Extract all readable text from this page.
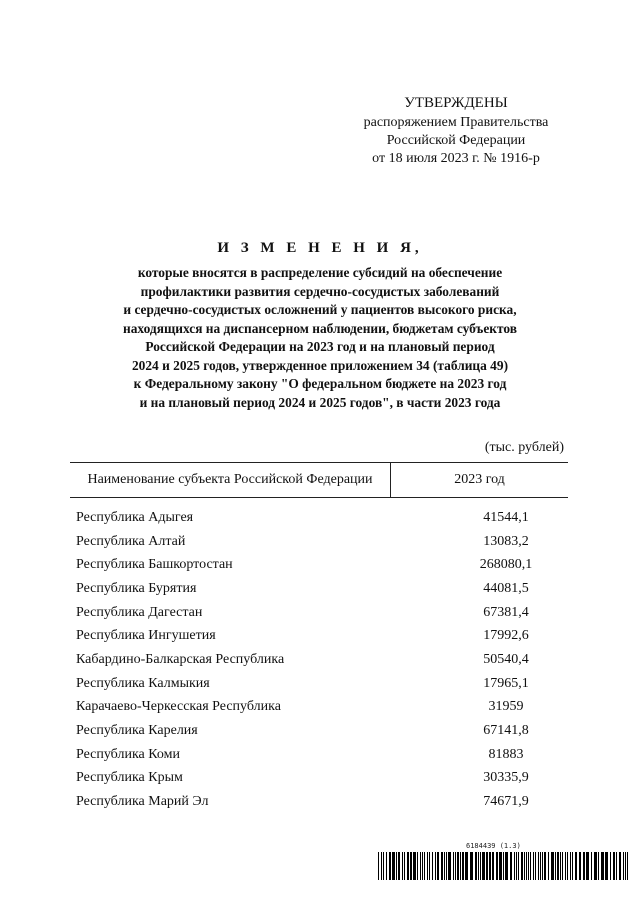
УТВЕРЖДЕНЫ
распоряжением Правительства
Российской Федерации
от 18 июля 2023 г. № 1916-р
И З М Е Н Е Н И Я,
которые вносятся в распределение субсидий на обеспечение
профилактики развития сердечно-сосудистых заболеваний
и сердечно-сосудистых осложнений у пациентов высокого риска,
находящихся на диспансерном наблюдении, бюджетам субъектов
Российской Федерации на 2023 год и на плановый период
2024 и 2025 годов, утвержденное приложением 34 (таблица 49)
к Федеральному закону "О федеральном бюджете на 2023 год
и на плановый период 2024 и 2025 годов", в части 2023 года
(тыс. рублей)
Наименование субъекта Российской Федерации	2023 год
Республика Адыгея	41544,1
Республика Алтай	13083,2
Республика Башкортостан	268080,1
Республика Бурятия	44081,5
Республика Дагестан	67381,4
Республика Ингушетия	17992,6
Кабардино-Балкарская Республика	50540,4
Республика Калмыкия	17965,1
Карачаево-Черкесская Республика	31959
Республика Карелия	67141,8
Республика Коми	81883
Республика Крым	30335,9
Республика Марий Эл	74671,9
6184439 (1.3)
